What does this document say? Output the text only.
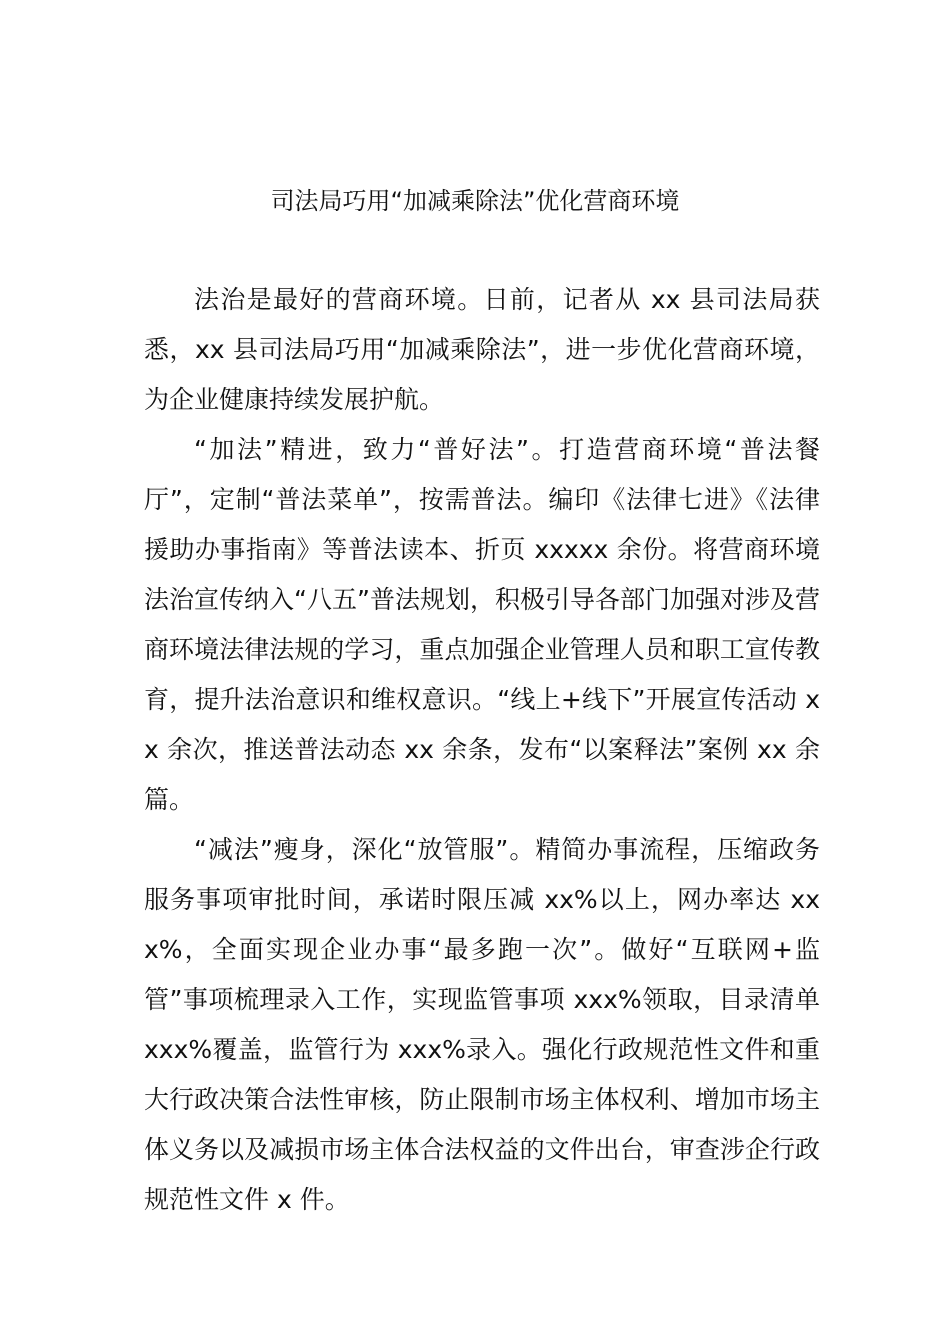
司法局巧用“加减乘除法”优化营商环境

法治是最好的营商环境。日前，记者从 xx 县司法局获悉，xx 县司法局巧用“加减乘除法”，进一步优化营商环境，为企业健康持续发展护航。

“加法”精进，致力“普好法”。打造营商环境“普法餐厅”，定制“普法菜单”，按需普法。编印《法律七进》《法律援助办事指南》等普法读本、折页 xxxxx 余份。将营商环境法治宣传纳入“八五”普法规划，积极引导各部门加强对涉及营商环境法律法规的学习，重点加强企业管理人员和职工宣传教育，提升法治意识和维权意识。“线上+线下”开展宣传活动 xx 余次，推送普法动态 xx 余条，发布“以案释法”案例 xx 余篇。

“减法”瘦身，深化“放管服”。精简办事流程，压缩政务服务事项审批时间，承诺时限压减 xx%以上，网办率达 xxx%，全面实现企业办事“最多跑一次”。做好“互联网+监管”事项梳理录入工作，实现监管事项 xxx%领取，目录清单 xxx%覆盖，监管行为 xxx%录入。强化行政规范性文件和重大行政决策合法性审核，防止限制市场主体权利、增加市场主体义务以及减损市场主体合法权益的文件出台，审查涉企行政规范性文件 x 件。
